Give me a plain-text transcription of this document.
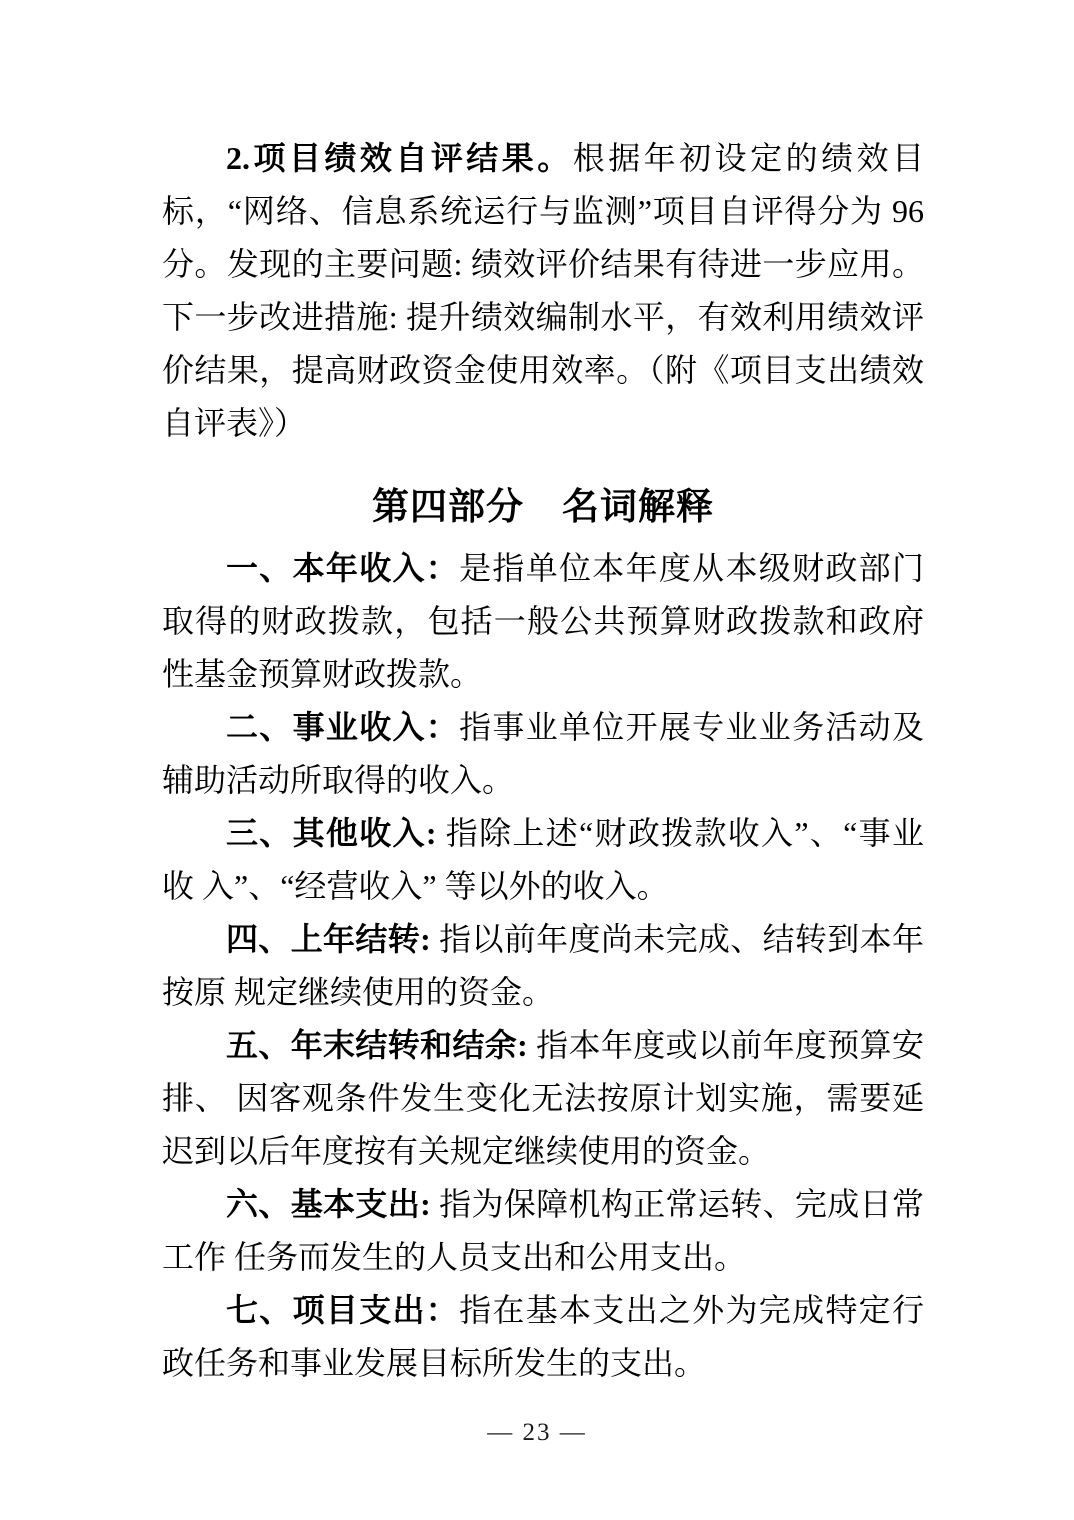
2.项目绩效自评结果。根据年初设定的绩效目标，“网络、信息系统运行与监测”项目自评得分为 96 分。发现的主要问题: 绩效评价结果有待进一步应用。下一步改进措施: 提升绩效编制水平，有效利用绩效评价结果，提高财政资金使用效率。（附《项目支出绩效自评表》）

第四部分　名词解释

一、本年收入：是指单位本年度从本级财政部门取得的财政拨款，包括一般公共预算财政拨款和政府性基金预算财政拨款。

二、事业收入：指事业单位开展专业业务活动及辅助活动所取得的收入。

三、其他收入: 指除上述“财政拨款收入”、“事业收 入”、“经营收入” 等以外的收入。

四、上年结转: 指以前年度尚未完成、结转到本年按原 规定继续使用的资金。

五、年末结转和结余: 指本年度或以前年度预算安排、 因客观条件发生变化无法按原计划实施，需要延迟到以后年度按有关规定继续使用的资金。

六、基本支出: 指为保障机构正常运转、完成日常工作 任务而发生的人员支出和公用支出。

七、项目支出：指在基本支出之外为完成特定行政任务和事业发展目标所发生的支出。

— 23 —
